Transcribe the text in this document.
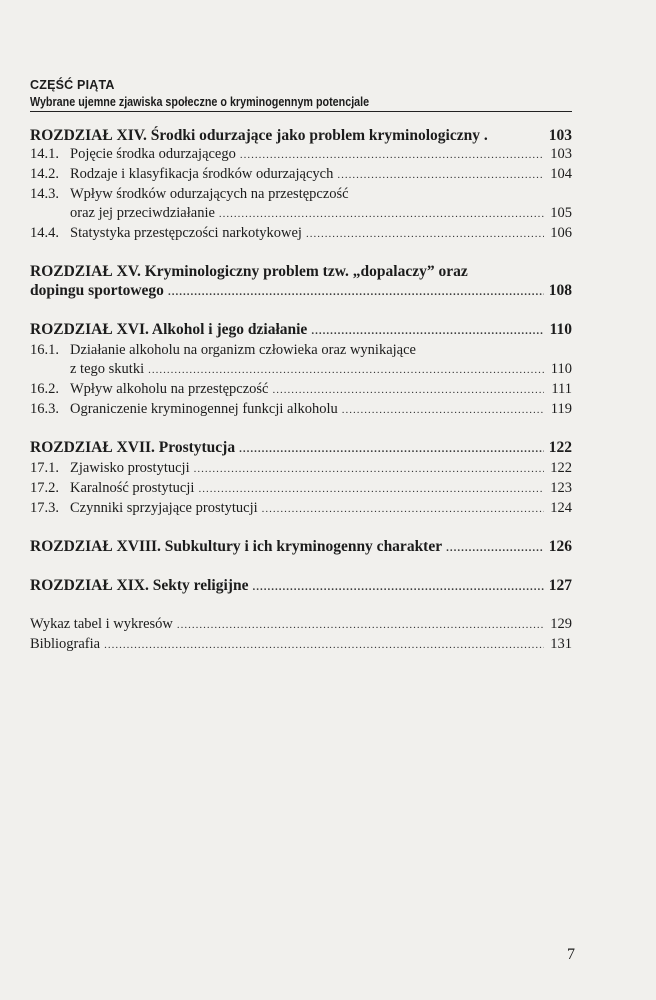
CZĘŚĆ PIĄTA
Wybrane ujemne zjawiska społeczne o kryminogennym potencjale
ROZDZIAŁ XIV. Środki odurzające jako problem kryminologiczny .	103
14.1. Pojęcie środka odurzającego .....	103
14.2. Rodzaje i klasyfikacja środków odurzających .....	104
14.3. Wpływ środków odurzających na przestępczość
oraz jej przeciwdziałanie .....	105
14.4. Statystyka przestępczości narkotykowej .....	106
ROZDZIAŁ XV. Kryminologiczny problem tzw. „dopalaczy” oraz
dopingu sportowego .....	108
ROZDZIAŁ XVI. Alkohol i jego działanie .....	110
16.1. Działanie alkoholu na organizm człowieka oraz wynikające
z tego skutki .....	110
16.2. Wpływ alkoholu na przestępczość .....	111
16.3. Ograniczenie kryminogennej funkcji alkoholu .....	119
ROZDZIAŁ XVII. Prostytucja .....	122
17.1. Zjawisko prostytucji .....	122
17.2. Karalność prostytucji .....	123
17.3. Czynniki sprzyjające prostytucji .....	124
ROZDZIAŁ XVIII. Subkultury i ich kryminogenny charakter .....	126
ROZDZIAŁ XIX. Sekty religijne .....	127
Wykaz tabel i wykresów .....	129
Bibliografia .....	131
7
